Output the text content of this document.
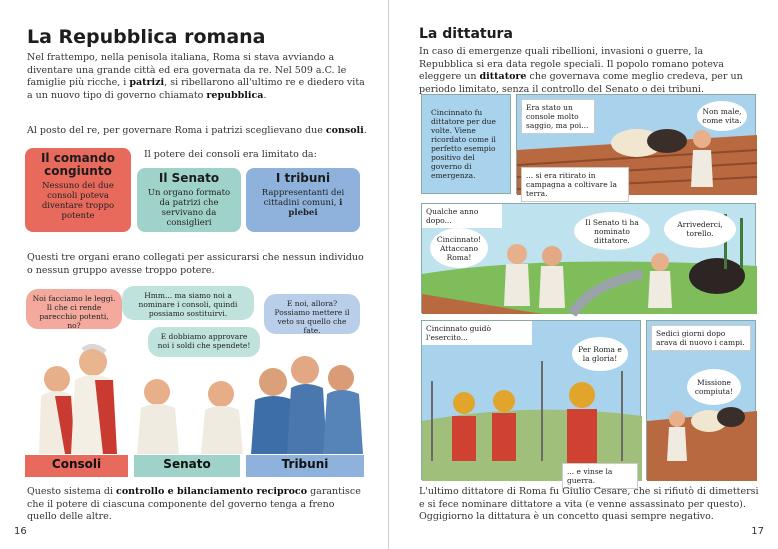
La Repubblica romana
Nel frattempo, nella penisola italiana, Roma si stava avviando a diventare una grande città ed era governata da re. Nel 509 a.C. le famiglie più ricche, i patrizi, si ribellarono all'ultimo re e diedero vita a un nuovo tipo di governo chiamato repubblica.
Al posto del re, per governare Roma i patrizi sceglievano due consoli.
Il comando congiunto
Nessuno dei due consoli poteva diventare troppo potente
Il potere dei consoli era limitato da:
Il Senato
Un organo formato da patrizi che servivano da consiglieri
I tribuni
Rappresentanti dei cittadini comuni, i plebei
Questi tre organi erano collegati per assicurarsi che nessun individuo o nessun gruppo avesse troppo potere.
Noi facciamo le leggi. Il che ci rende parecchio potenti, no?
Hmm... ma siamo noi a nominare i consoli, quindi possiamo sostituirvi.
E dobbiamo approvare noi i soldi che spendete!
E noi, allora? Possiamo mettere il veto su quello che fate.
Consoli	Senato	Tribuni
Questo sistema di controllo e bilanciamento reciproco garantisce che il potere di ciascuna componente del governo tenga a freno quello delle altre.
16
La dittatura
In caso di emergenze quali ribellioni, invasioni o guerre, la Repubblica si era data regole speciali. Il popolo romano poteva eleggere un dittatore che governava come meglio credeva, per un periodo limitato, senza il controllo del Senato o dei tribuni.
Cincinnato fu dittatore per due volte. Viene ricordato come il perfetto esempio positivo del governo di emergenza.
Era stato un console molto saggio, ma poi...
Non male, come vita.
... si era ritirato in campagna a coltivare la terra.
Qualche anno dopo...
Cincinnato! Attaccano Roma!
Il Senato ti ha nominato dittatore.
Arrivederci, torello.
Cincinnato guidò l'esercito...
Per Roma e la gloria!
... e vinse la guerra.
Sedici giorni dopo arava di nuovo i campi.
Missione compiuta!
L'ultimo dittatore di Roma fu Giulio Cesare, che si rifiutò di dimettersi e si fece nominare dittatore a vita (e venne assassinato per questo). Oggigiorno la dittatura è un concetto quasi sempre negativo.
17
